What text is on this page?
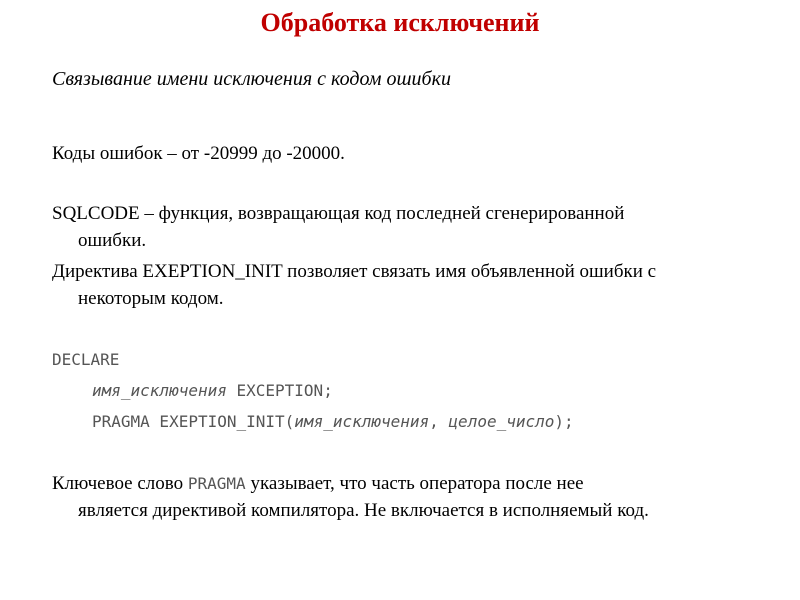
Обработка исключений
Связывание имени исключения с кодом ошибки
Коды ошибок – от -20999 до -20000.
SQLCODE – функция, возвращающая код последней сгенерированной
ошибки.
Директива EXEPTION_INIT позволяет связать имя объявленной ошибки с
некоторым кодом.
DECLARE
имя_исключения EXCEPTION;
PRAGMA EXEPTION_INIT(имя_исключения, целое_число);
Ключевое слово PRAGMA указывает, что часть оператора после нее
является директивой компилятора. Не включается в исполняемый код.
